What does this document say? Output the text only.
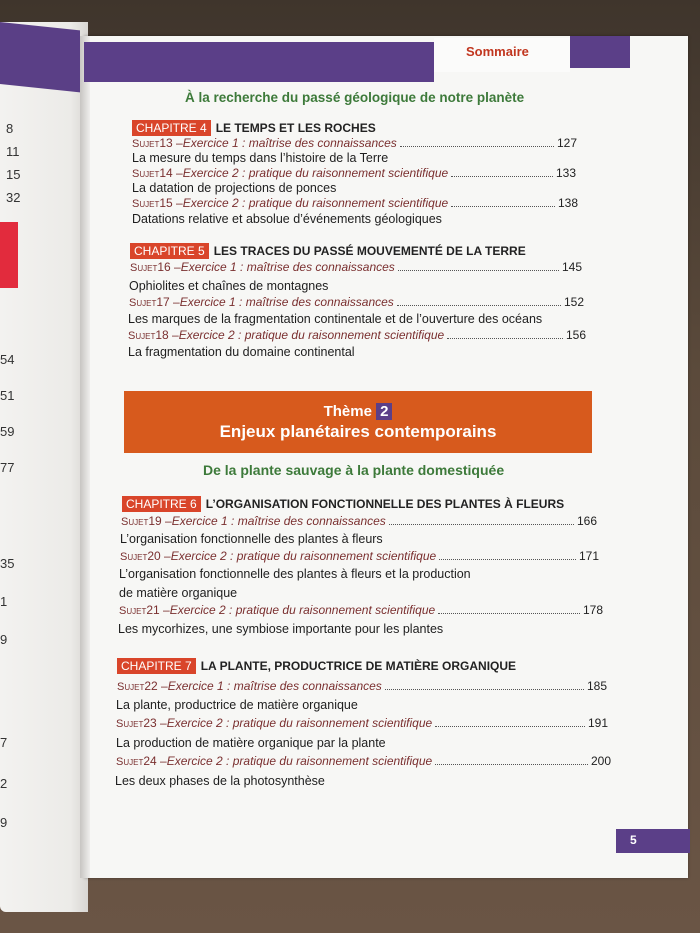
8
11
15
32
54
51
59
77
35
1
9
7
2
9
Sommaire
À la recherche du passé géologique de notre planète
CHAPITRE 4 LE TEMPS ET LES ROCHES
Sujet 13 – Exercice 1 : maîtrise des connaissances	127
La mesure du temps dans l’histoire de la Terre
Sujet 14 – Exercice 2 : pratique du raisonnement scientifique	133
La datation de projections de ponces
Sujet 15 – Exercice 2 : pratique du raisonnement scientifique	138
Datations relative et absolue d’événements géologiques
CHAPITRE 5 LES TRACES DU PASSÉ MOUVEMENTÉ DE LA TERRE
Sujet 16 – Exercice 1 : maîtrise des connaissances	145
Ophiolites et chaînes de montagnes
Sujet 17 – Exercice 1 : maîtrise des connaissances	152
Les marques de la fragmentation continentale et de l’ouverture des océans
Sujet 18 – Exercice 2 : pratique du raisonnement scientifique	156
La fragmentation du domaine continental
Thème 2
Enjeux planétaires contemporains
De la plante sauvage à la plante domestiquée
CHAPITRE 6 L’ORGANISATION FONCTIONNELLE DES PLANTES À FLEURS
Sujet 19 – Exercice 1 : maîtrise des connaissances	166
L’organisation fonctionnelle des plantes à fleurs
Sujet 20 – Exercice 2 : pratique du raisonnement scientifique	171
L’organisation fonctionnelle des plantes à fleurs et la production
de matière organique
Sujet 21 – Exercice 2 : pratique du raisonnement scientifique	178
Les mycorhizes, une symbiose importante pour les plantes
CHAPITRE 7 LA PLANTE, PRODUCTRICE DE MATIÈRE ORGANIQUE
Sujet 22 – Exercice 1 : maîtrise des connaissances	185
La plante, productrice de matière organique
Sujet 23 – Exercice 2 : pratique du raisonnement scientifique	191
La production de matière organique par la plante
Sujet 24 – Exercice 2 : pratique du raisonnement scientifique	200
Les deux phases de la photosynthèse
5
